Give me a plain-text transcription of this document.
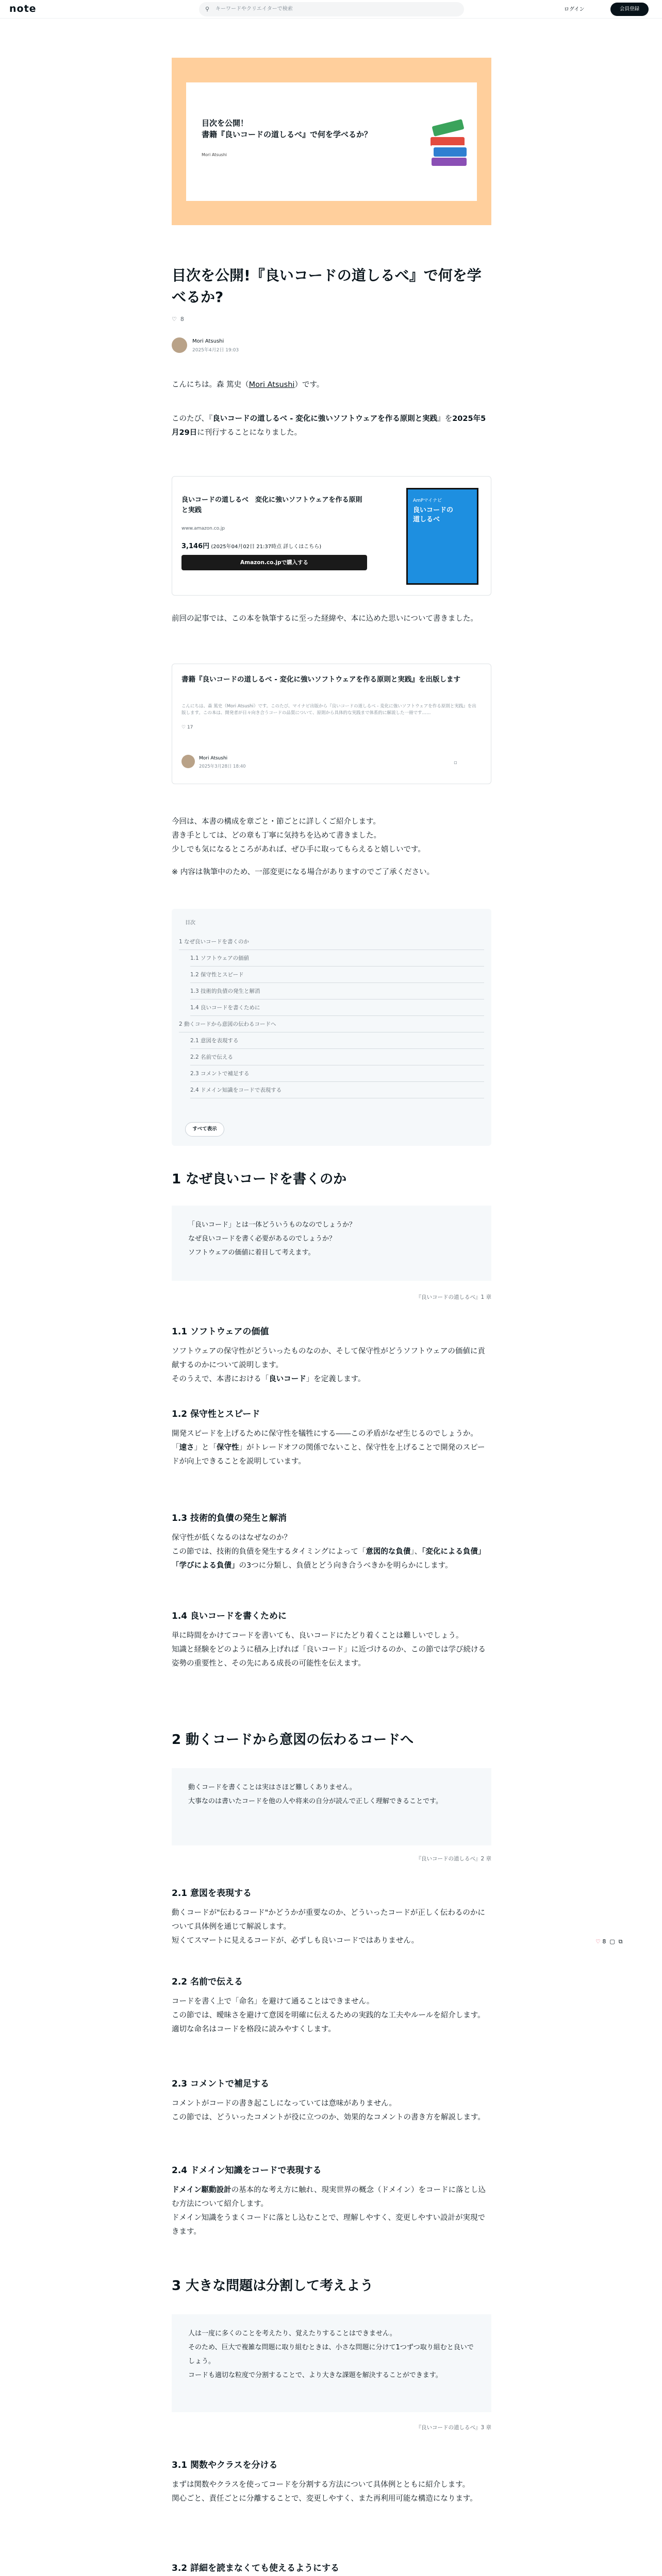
note	⚲ キーワードやクリエイターで検索	ログイン	会員登録
目次を公開！
書籍『良いコードの道しるべ』で何を学べるか？
Mori Atsushi
目次を公開!『良いコードの道しるべ』で何を学べるか?
♡ 8
Mori Atsushi
2025年4月2日 19:03
こんにちは。森 篤史（Mori Atsushi）です。
このたび、『良いコードの道しるべ - 変化に強いソフトウェアを作る原則と実践』を2025年5月29日に刊行することになりました。
良いコードの道しるべ　変化に強いソフトウェアを作る原則と実践
www.amazon.co.jp
3,146円 (2025年04月02日 21:37時点 詳しくはこちら)
Amazon.co.jpで購入する
AmPマイナビ
良いコードの
道しるべ
前回の記事では、この本を執筆するに至った経緯や、本に込めた思いについて書きました。
書籍『良いコードの道しるべ - 変化に強いソフトウェアを作る原則と実践』を出版します
こんにちは、森 篤史（Mori Atsushi）です。このたび、マイナビ出版から『良いコードの道しるべ - 変化に強いソフトウェアを作る原則と実践』を出版します。この本は、開発者が日々向き合うコードの品質について、原則から具体的な実践まで体系的に解説した一冊です……
♡ 17
Mori Atsushi
2025年3月28日 18:40
▫
今回は、本書の構成を章ごと・節ごとに詳しくご紹介します。
書き手としては、どの章も丁寧に気持ちを込めて書きました。
少しでも気になるところがあれば、ぜひ手に取ってもらえると嬉しいです。
※ 内容は執筆中のため、一部変更になる場合がありますのでご了承ください。
目次
1 なぜ良いコードを書くのか
1.1 ソフトウェアの価値
1.2 保守性とスピード
1.3 技術的負債の発生と解消
1.4 良いコードを書くために
2 動くコードから意図の伝わるコードへ
2.1 意図を表現する
2.2 名前で伝える
2.3 コメントで補足する
2.4 ドメイン知識をコードで表現する
すべて表示
1 なぜ良いコードを書くのか
「良いコード」とは一体どういうものなのでしょうか？
なぜ良いコードを書く必要があるのでしょうか？
ソフトウェアの価値に着目して考えます。
『良いコードの道しるべ』1 章
1.1 ソフトウェアの価値
ソフトウェアの保守性がどういったものなのか、そして保守性がどうソフトウェアの価値に貢献するのかについて説明します。
そのうえで、本書における「良いコード」を定義します。
1.2 保守性とスピード
開発スピードを上げるために保守性を犠牲にする――この矛盾がなぜ生じるのでしょうか。
「速さ」と「保守性」がトレードオフの関係でないこと、保守性を上げることで開発のスピードが向上できることを説明しています。
1.3 技術的負債の発生と解消
保守性が低くなるのはなぜなのか？
この節では、技術的負債を発生するタイミングによって「意図的な負債」、「変化による負債」「学びによる負債」の3つに分類し、負債とどう向き合うべきかを明らかにします。
1.4 良いコードを書くために
単に時間をかけてコードを書いても、良いコードにたどり着くことは難しいでしょう。
知識と経験をどのように積み上げれば「良いコード」に近づけるのか、この節では学び続ける姿勢の重要性と、その先にある成長の可能性を伝えます。
2 動くコードから意図の伝わるコードへ
動くコードを書くことは実はさほど難しくありません。
大事なのは書いたコードを他の人や将来の自分が読んで正しく理解できることです。
『良いコードの道しるべ』2 章
2.1 意図を表現する
動くコードが"伝わるコード"かどうかが重要なのか、どういったコードが正しく伝わるのかについて具体例を通じて解説します。
短くてスマートに見えるコードが、必ずしも良いコードではありません。
2.2 名前で伝える
コードを書く上で「命名」を避けて通ることはできません。
この節では、曖昧さを避けて意図を明確に伝えるための実践的な工夫やルールを紹介します。
適切な命名はコードを格段に読みやすくします。
2.3 コメントで補足する
コメントがコードの書き起こしになっていては意味がありません。
この節では、どういったコメントが役に立つのか、効果的なコメントの書き方を解説します。
2.4 ドメイン知識をコードで表現する
ドメイン駆動設計の基本的な考え方に触れ、現実世界の概念（ドメイン）をコードに落とし込む方法について紹介します。
ドメイン知識をうまくコードに落とし込むことで、理解しやすく、変更しやすい設計が実現できます。
3 大きな問題は分割して考えよう
人は一度に多くのことを考えたり、覚えたりすることはできません。
そのため、巨大で複雑な問題に取り組むときは、小さな問題に分けて1つずつ取り組むと良いでしょう。
コードも適切な粒度で分割することで、より大きな課題を解決することができます。
『良いコードの道しるべ』3 章
3.1 関数やクラスを分ける
まずは関数やクラスを使ってコードを分割する方法について具体例とともに紹介します。
関心ごと、責任ごとに分離することで、変更しやすく、また再利用可能な構造になります。
3.2 詳細を読まなくても使えるようにする

♡ 8 ▢ ⧉
